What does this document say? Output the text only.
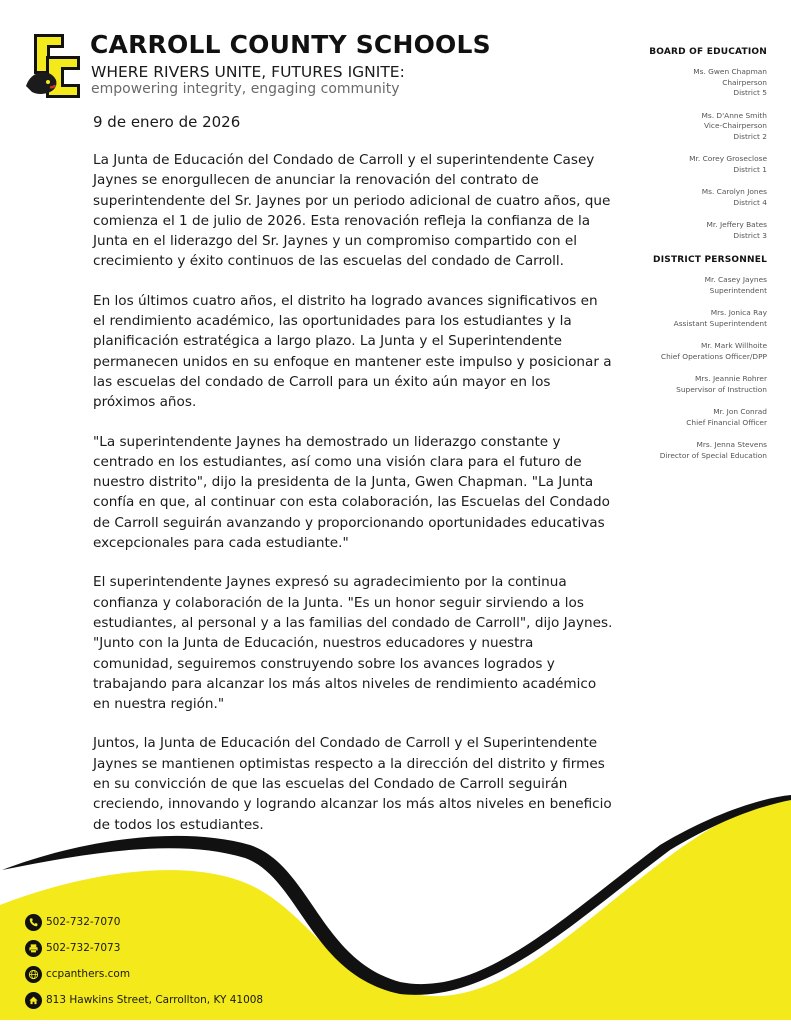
CARROLL COUNTY SCHOOLS
WHERE RIVERS UNITE, FUTURES IGNITE:
empowering integrity, engaging community
9 de enero de 2026

La Junta de Educación del Condado de Carroll y el superintendente Casey Jaynes se enorgullecen de anunciar la renovación del contrato de superintendente del Sr. Jaynes por un periodo adicional de cuatro años, que comienza el 1 de julio de 2026. Esta renovación refleja la confianza de la Junta en el liderazgo del Sr. Jaynes y un compromiso compartido con el crecimiento y éxito continuos de las escuelas del condado de Carroll.

En los últimos cuatro años, el distrito ha logrado avances significativos en el rendimiento académico, las oportunidades para los estudiantes y la planificación estratégica a largo plazo. La Junta y el Superintendente permanecen unidos en su enfoque en mantener este impulso y posicionar a las escuelas del condado de Carroll para un éxito aún mayor en los próximos años.

"La superintendente Jaynes ha demostrado un liderazgo constante y centrado en los estudiantes, así como una visión clara para el futuro de nuestro distrito", dijo la presidenta de la Junta, Gwen Chapman. "La Junta confía en que, al continuar con esta colaboración, las Escuelas del Condado de Carroll seguirán avanzando y proporcionando oportunidades educativas excepcionales para cada estudiante."

El superintendente Jaynes expresó su agradecimiento por la continua confianza y colaboración de la Junta. "Es un honor seguir sirviendo a los estudiantes, al personal y a las familias del condado de Carroll", dijo Jaynes. "Junto con la Junta de Educación, nuestros educadores y nuestra comunidad, seguiremos construyendo sobre los avances logrados y trabajando para alcanzar los más altos niveles de rendimiento académico en nuestra región."

Juntos, la Junta de Educación del Condado de Carroll y el Superintendente Jaynes se mantienen optimistas respecto a la dirección del distrito y firmes en su convicción de que las escuelas del Condado de Carroll seguirán creciendo, innovando y logrando alcanzar los más altos niveles en beneficio de todos los estudiantes.

BOARD OF EDUCATION
Ms. Gwen Chapman
Chairperson
District 5
Ms. D'Anne Smith
Vice-Chairperson
District 2
Mr. Corey Groseclose
District 1
Ms. Carolyn Jones
District 4
Mr. Jeffery Bates
District 3
DISTRICT PERSONNEL
Mr. Casey Jaynes
Superintendent
Mrs. Jonica Ray
Assistant Superintendent
Mr. Mark Willhoite
Chief Operations Officer/DPP
Mrs. Jeannie Rohrer
Supervisor of Instruction
Mr. Jon Conrad
Chief Financial Officer
Mrs. Jenna Stevens
Director of Special Education
502-732-7070
502-732-7073
ccpanthers.com
813 Hawkins Street, Carrollton, KY 41008
